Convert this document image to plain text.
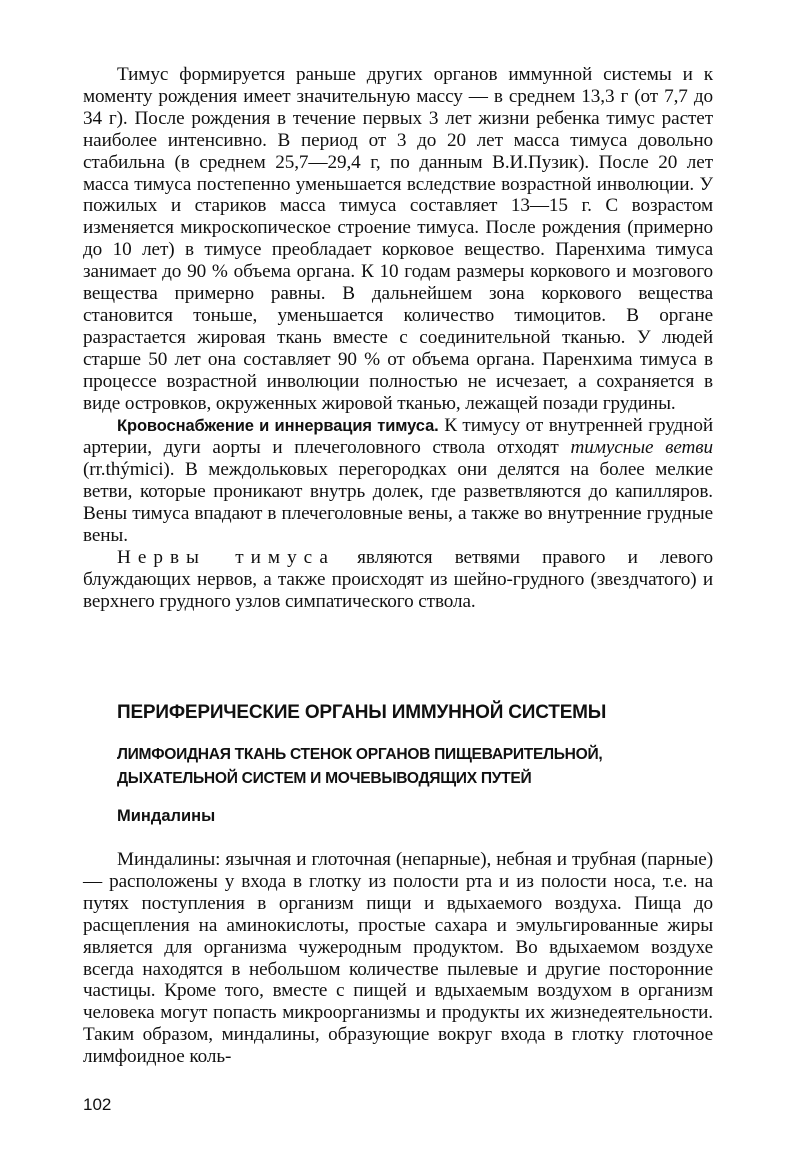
Тимус формируется раньше других органов иммунной системы и к моменту рождения имеет значительную массу — в среднем 13,3 г (от 7,7 до 34 г). После рождения в течение первых 3 лет жизни ребенка тимус растет наиболее интенсивно. В период от 3 до 20 лет масса тимуса довольно стабильна (в среднем 25,7—29,4 г, по данным В.И.Пузик). После 20 лет масса тимуса постепенно уменьшается вследствие возрастной инволюции. У пожилых и стариков масса тимуса составляет 13—15 г. С возрастом изменяется микроскопическое строение тимуса. После рождения (примерно до 10 лет) в тимусе преобладает корковое вещество. Паренхима тимуса занимает до 90 % объема органа. К 10 годам размеры коркового и мозгового вещества примерно равны. В дальнейшем зона коркового вещества становится тоньше, уменьшается количество тимоцитов. В органе разрастается жировая ткань вместе с соединительной тканью. У людей старше 50 лет она составляет 90 % от объема органа. Паренхима тимуса в процессе возрастной инволюции полностью не исчезает, а сохраняется в виде островков, окруженных жировой тканью, лежащей позади грудины.

Кровоснабжение и иннервация тимуса. К тимусу от внутренней грудной артерии, дуги аорты и плечеголовного ствола отходят тимусные ветви (rr.thýmici). В междольковых перегородках они делятся на более мелкие ветви, которые проникают внутрь долек, где разветвляются до капилляров. Вены тимуса впадают в плечеголовные вены, а также во внутренние грудные вены.

Нервы тимуса являются ветвями правого и левого блуждающих нервов, а также происходят из шейно-грудного (звездчатого) и верхнего грудного узлов симпатического ствола.

ПЕРИФЕРИЧЕСКИЕ ОРГАНЫ ИММУННОЙ СИСТЕМЫ
ЛИМФОИДНАЯ ТКАНЬ СТЕНОК ОРГАНОВ ПИЩЕВАРИТЕЛЬНОЙ,
ДЫХАТЕЛЬНОЙ СИСТЕМ И МОЧЕВЫВОДЯЩИХ ПУТЕЙ
Миндалины

Миндалины: язычная и глоточная (непарные), небная и трубная (парные) — расположены у входа в глотку из полости рта и из полости носа, т.е. на путях поступления в организм пищи и вдыхаемого воздуха. Пища до расщепления на аминокислоты, простые сахара и эмульгированные жиры является для организма чужеродным продуктом. Во вдыхаемом воздухе всегда находятся в небольшом количестве пылевые и другие посторонние частицы. Кроме того, вместе с пищей и вдыхаемым воздухом в организм человека могут попасть микроорганизмы и продукты их жизнедеятельности. Таким образом, миндалины, образующие вокруг входа в глотку глоточное лимфоидное коль-

102
